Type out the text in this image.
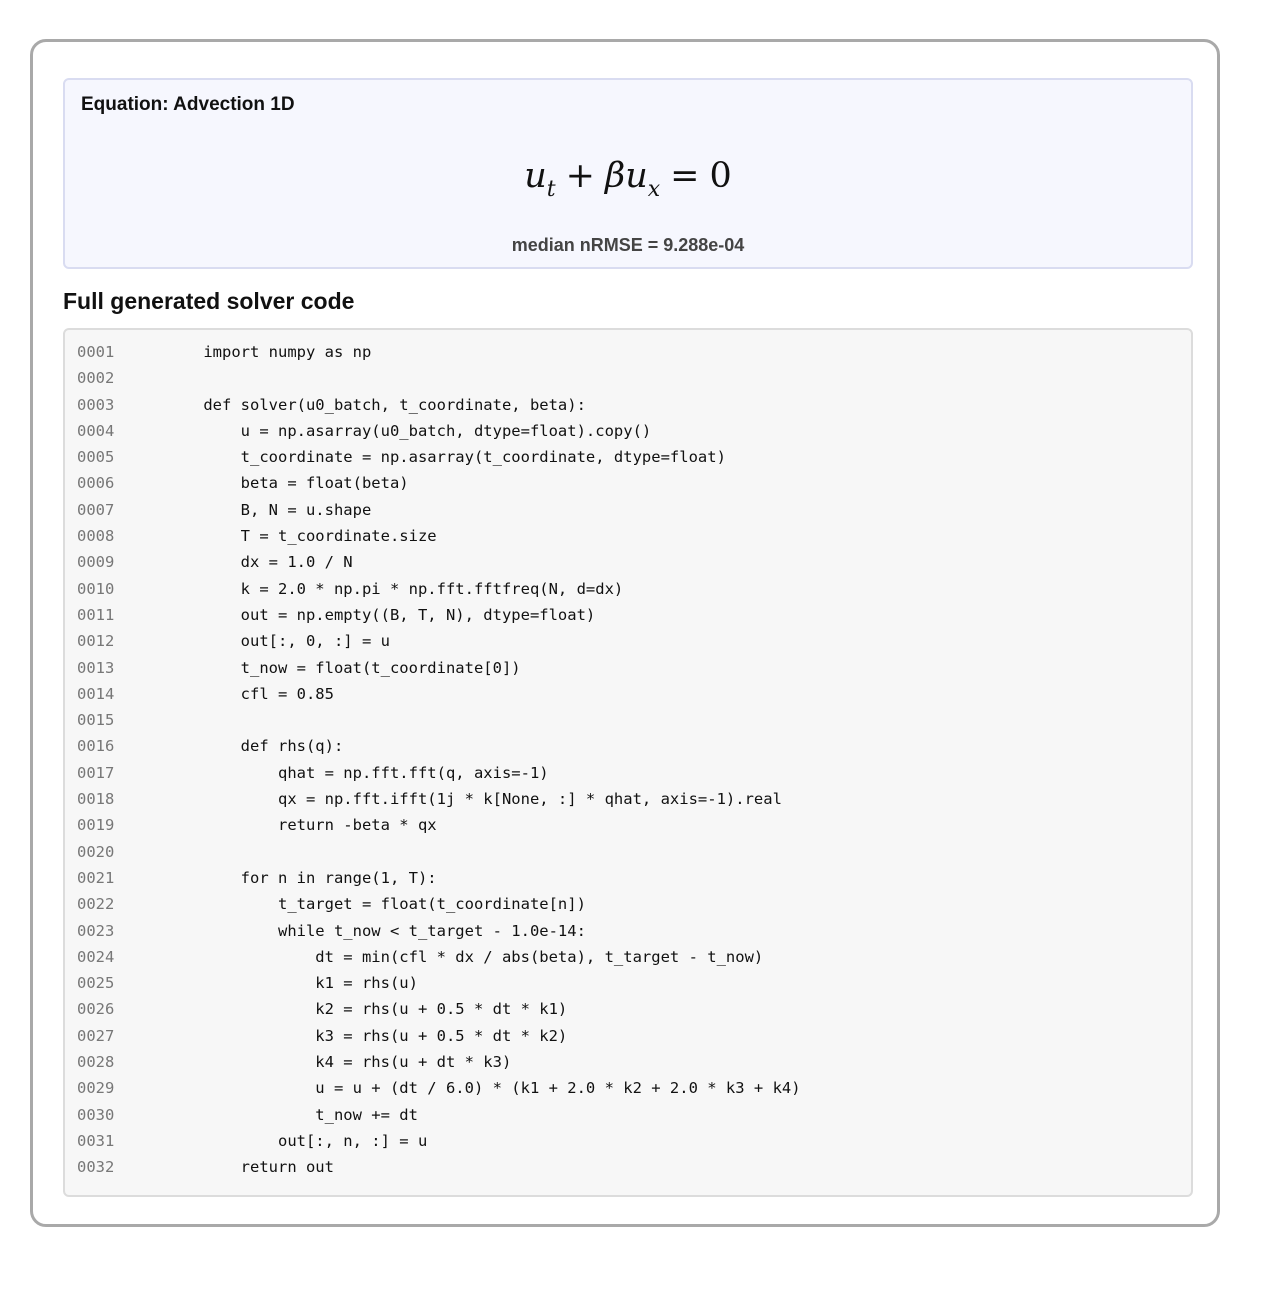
Equation: Advection 1D
$u_t + \beta u_x = 0$
median nRMSE = 9.288e-04
Full generated solver code
0001	import numpy as np
0002
0003	def solver(u0_batch, t_coordinate, beta):
0004	u = np.asarray(u0_batch, dtype=float).copy()
0005	t_coordinate = np.asarray(t_coordinate, dtype=float)
0006	beta = float(beta)
0007	B, N = u.shape
0008	T = t_coordinate.size
0009	dx = 1.0 / N
0010	k = 2.0 * np.pi * np.fft.fftfreq(N, d=dx)
0011	out = np.empty((B, T, N), dtype=float)
0012	out[:, 0, :] = u
0013	t_now = float(t_coordinate[0])
0014	cfl = 0.85
0015
0016	def rhs(q):
0017	qhat = np.fft.fft(q, axis=-1)
0018	qx = np.fft.ifft(1j * k[None, :] * qhat, axis=-1).real
0019	return -beta * qx
0020
0021	for n in range(1, T):
0022	t_target = float(t_coordinate[n])
0023	while t_now < t_target - 1.0e-14:
0024	dt = min(cfl * dx / abs(beta), t_target - t_now)
0025	k1 = rhs(u)
0026	k2 = rhs(u + 0.5 * dt * k1)
0027	k3 = rhs(u + 0.5 * dt * k2)
0028	k4 = rhs(u + dt * k3)
0029	u = u + (dt / 6.0) * (k1 + 2.0 * k2 + 2.0 * k3 + k4)
0030	t_now += dt
0031	out[:, n, :] = u
0032	return out
